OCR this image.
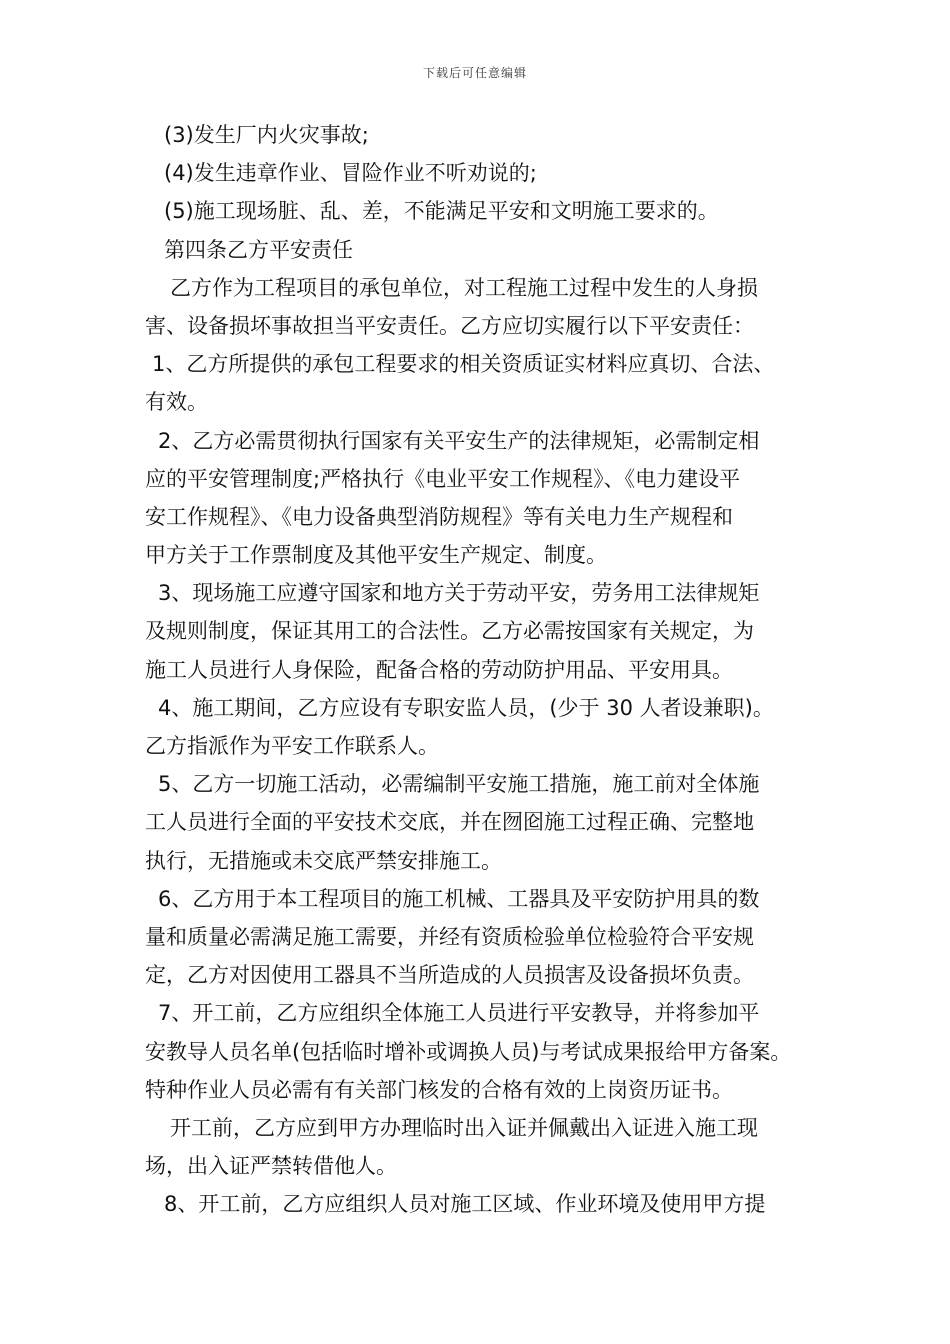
下载后可任意编辑
(3)发生厂内火灾事故;
(4)发生违章作业、冒险作业不听劝说的;
(5)施工现场脏、乱、差，不能满足平安和文明施工要求的。
第四条乙方平安责任
乙方作为工程项目的承包单位，对工程施工过程中发生的人身损
害、设备损坏事故担当平安责任。乙方应切实履行以下平安责任：
1、乙方所提供的承包工程要求的相关资质证实材料应真切、合法、
有效。
2、乙方必需贯彻执行国家有关平安生产的法律规矩，必需制定相
应的平安管理制度;严格执行《电业平安工作规程》、《电力建设平
安工作规程》、《电力设备典型消防规程》等有关电力生产规程和
甲方关于工作票制度及其他平安生产规定、制度。
3、现场施工应遵守国家和地方关于劳动平安，劳务用工法律规矩
及规则制度，保证其用工的合法性。乙方必需按国家有关规定，为
施工人员进行人身保险，配备合格的劳动防护用品、平安用具。
4、施工期间，乙方应设有专职安监人员，(少于 30 人者设兼职)。
乙方指派作为平安工作联系人。
5、乙方一切施工活动，必需编制平安施工措施，施工前对全体施
工人员进行全面的平安技术交底，并在囫囵施工过程正确、完整地
执行，无措施或未交底严禁安排施工。
6、乙方用于本工程项目的施工机械、工器具及平安防护用具的数
量和质量必需满足施工需要，并经有资质检验单位检验符合平安规
定，乙方对因使用工器具不当所造成的人员损害及设备损坏负责。
7、开工前，乙方应组织全体施工人员进行平安教导，并将参加平
安教导人员名单(包括临时增补或调换人员)与考试成果报给甲方备案。
特种作业人员必需有有关部门核发的合格有效的上岗资历证书。
开工前，乙方应到甲方办理临时出入证并佩戴出入证进入施工现
场，出入证严禁转借他人。
8、开工前，乙方应组织人员对施工区域、作业环境及使用甲方提
